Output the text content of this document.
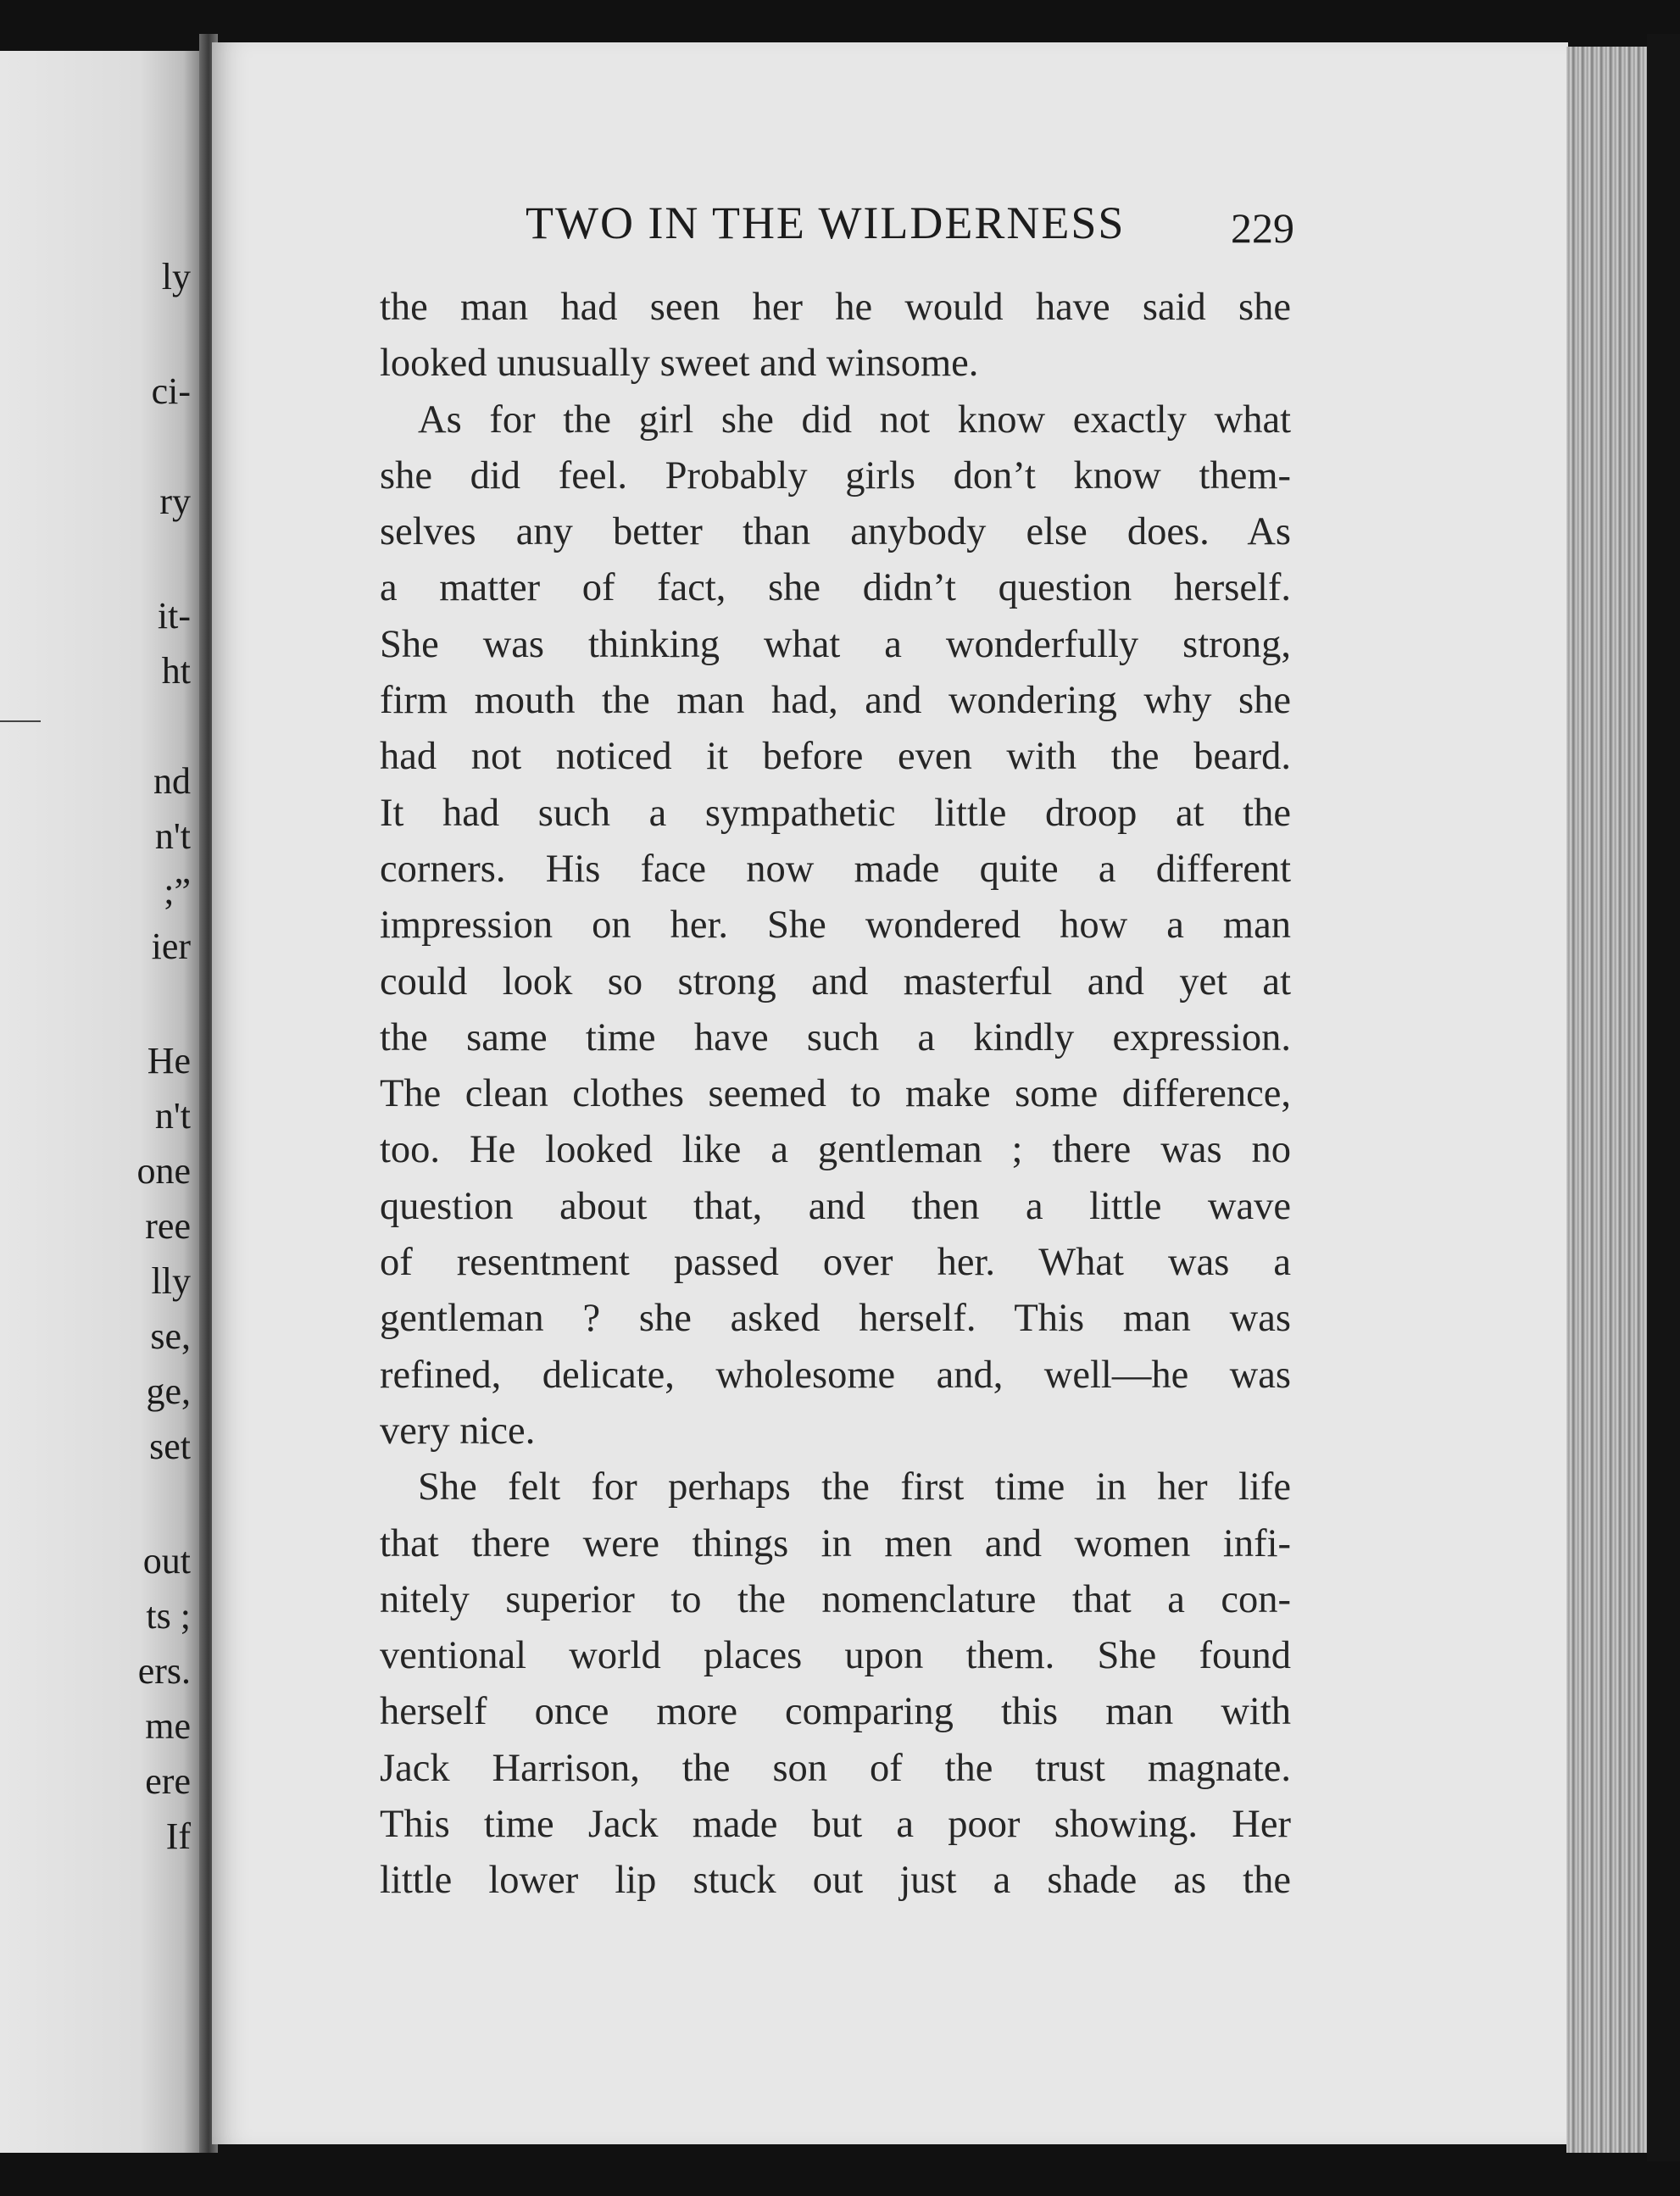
ly
ci-
ry
it-
ht
nd
n't
;”
ier
He
n't
one
ree
lly
se,
ge,
set
out
ts ;
ers.
me
ere
If
TWO IN THE WILDERNESS 229
the man had seen her he would have said she
looked unusually sweet and winsome.
As for the girl she did not know exactly what
she did feel. Probably girls don’t know them-
selves any better than anybody else does. As
a matter of fact, she didn’t question herself.
She was thinking what a wonderfully strong,
firm mouth the man had, and wondering why she
had not noticed it before even with the beard.
It had such a sympathetic little droop at the
corners. His face now made quite a different
impression on her. She wondered how a man
could look so strong and masterful and yet at
the same time have such a kindly expression.
The clean clothes seemed to make some difference,
too. He looked like a gentleman ; there was no
question about that, and then a little wave
of resentment passed over her. What was a
gentleman ? she asked herself. This man was
refined, delicate, wholesome and, well—he was
very nice.
She felt for perhaps the first time in her life
that there were things in men and women infi-
nitely superior to the nomenclature that a con-
ventional world places upon them. She found
herself once more comparing this man with
Jack Harrison, the son of the trust magnate.
This time Jack made but a poor showing. Her
little lower lip stuck out just a shade as the
